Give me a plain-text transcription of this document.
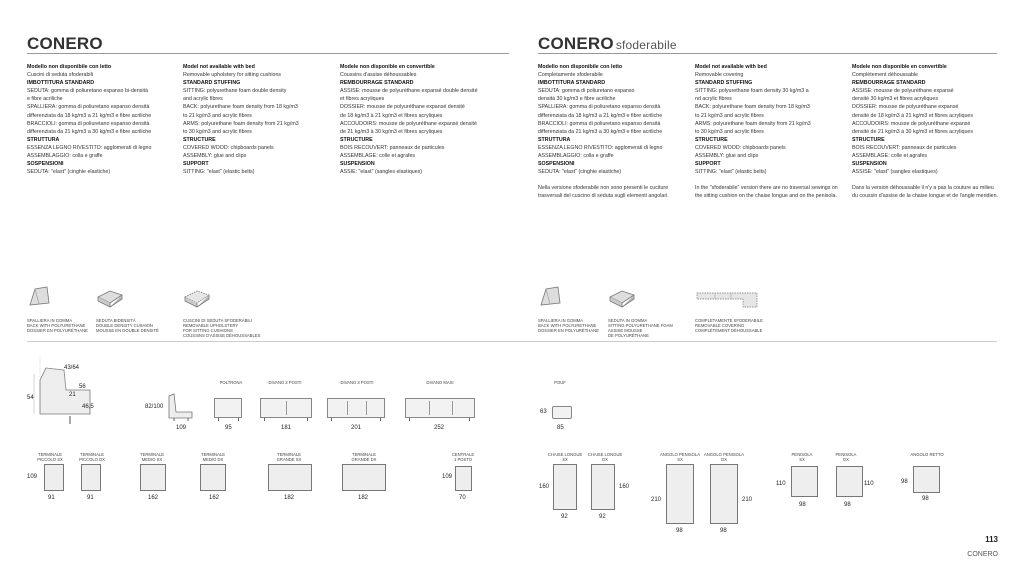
CONERO
Modello non disponibile con letto
Cuscini di seduta sfoderabili
IMBOTTITURA STANDARD
SEDUTA: gomma di poliuretano espanso bi-densità
e fibre acriliche
SPALLIERA: gomma di poliuretano espanso densità
differenziata da 18 kg/m3 a 21 kg/m3 e fibre acriliche
BRACCIOLI: gomma di poliuretano espanso densità
differenziata da 21 kg/m3 a 30 kg/m3 e fibre acriliche
STRUTTURA
ESSENZA LEGNO RIVESTITO: agglomerati di legno
ASSEMBLAGGIO: colla e graffe
SOSPENSIONI
SEDUTA: "elast" (cinghie elastiche)
Model not available with bed
Removable upholstery for sitting cushions
STANDARD STUFFING
SITTING: polyurethane foam double density
and acrylic fibres
BACK: polyurethane foam density from 18 kg/m3
to 21 kg/m3 and acrylic fibres
ARMS: polyurethane foam density from 21 kg/m3
to 30 kg/m3 and acrylic fibres
STRUCTURE
COVERED WOOD: chipboards panels
ASSEMBLY: glue and clips
SUPPORT
SITTING: "elast" (elastic belts)
Modele non disponible en convertible
Coussins d'assise déhoussables
REMBOURRAGE STANDARD
ASSISE: mousse de polyuréthane expansé double densité
et fibres acryliques
DOSSIER: mousse de polyuréthane expansé densité
de 18 kg/m3 à 21 kg/m3 et fibres acryliques
ACCOUDOIRS: mousse de polyuréthane expansé densité
de 21 kg/m3 à 30 kg/m3 et fibres acryliques
STRUCTURE
BOIS RECOUVERT: panneaux de particules
ASSEMBLAGE: colle et agrafes
SUSPENSION
ASSIE: "elast" (sangles elastiques)
SPALLIERA IN GOMMA
BACK WITH POLYURETHANE
DOSSIER EN POLYURÉTHANE
SEDUTA BIDENSITÀ
DOUBLE DENSITY CUSHION
MOUSSE EN DOUBLE DENSITÉ
CUSCINI DI SEDUTA SFODERABILI
REMOVABLE UPHOLSTERY
FOR SITTING CUSHIONS
COUSSINS D'ASSISE DÉHOUSSABLES
43/64
56
21
54
46,5	82/100
109
POLTRONA
95
DIVANO 2 POSTI
181
DIVANO 3 POSTI
201
DIVANO MAXI
252
109
TERMINALE
PICCOLO SX
91
TERMINALE
PICCOLO DX
91
TERMINALE
MEDIO SX
162
TERMINALE
MEDIO DX
162
TERMINALE
GRANDE SX
182
TERMINALE
GRANDE DX
182
CENTRALE
1 POSTO
109
70
CONERO sfoderabile
Modello non disponibile con letto
Completamente sfoderabile
IMBOTTITURA STANDARD
SEDUTA: gomma di poliuretano espanso
densità 30 kg/m3 e fibre acriliche
SPALLIERA: gomma di poliuretano espanso densità
differenziata da 18 kg/m3 a 21 kg/m3 e fibre acriliche
BRACCIOLI: gomma di poliuretano espanso densità
differenziata da 21 kg/m3 a 30 kg/m3 e fibre acriliche
STRUTTURA
ESSENZA LEGNO RIVESTITO: agglomerati di legno
ASSEMBLAGGIO: colla e graffe
SOSPENSIONI
SEDUTA: "elast" (cinghie elastiche)
Nella versione sfoderabile non sono presenti le cuciture trasversali del cuscino di seduta sugli elementi angolari.
Model not available with bed
Removable covering
STANDARD STUFFING
SITTING: polyurethane foam density 30 kg/m3 a
nd acrylic fibres
BACK: polyurethane foam density from 18 kg/m3
to 21 kg/m3 and acrylic fibres
ARMS: polyurethane foam density from 21 kg/m3
to 30 kg/m3 and acrylic fibres
STRUCTURE
COVERED WOOD: chipboards panels
ASSEMBLY: glue and clips
SUPPORT
SITTING: "elast" (elastic belts)
In the "sfoderabile" version there are no traversal sewings on the sitting cushion on the chaise longue and on the penisola.
Modele non disponible en convertible
Complètement déhoussable
REMBOURRAGE STANDARD
ASSISE: mousse de polyuréthane expansé
densité 30 kg/m3 et fibres acryliques
DOSSIER: mousse de polyuréthane expansé
densité de 18 kg/m3 à 21 kg/m3 et fibres acryliques
ACCOUDOIRS: mousse de polyuréthane expansé
densité de 21 kg/m3 à 30 kg/m3 et fibres acryliques
STRUCTURE
BOIS RECOUVERT: panneaux de particules
ASSEMBLAGE: colle et agrafes
SUSPENSION
ASSISE: "elast" (sangles elastiques)
Dans la version déhoussable il n'y a pas la couture au milieu du coussin d'assise de la chaise longue et de l'angle meridien.
SPALLIERA IN GOMMA
BACK WITH POLYURETHANE
DOSSIER EN POLYURÉTHANE
SEDUTA IN GOMMA
SITTING POLYURETHANE FOAM
ASSISE MOUSSE
DE POLYURÉTHANE
COMPLETAMENTE SFODERABILE
REMOVABLE COVERING
COMPLÈTEMENT DÉHOUSSABLE
POUF
63
85
CHAISE LONGUE
SX
160
92
CHAISE LONGUE
DX
160
92
ANGOLO PENISOLA
SX
210
98
ANGOLO PENISOLA
DX
210
98
PENISOLA
SX
110
98
PENISOLA
DX
110
98
ANGOLO RETTO
98
98
113
CONERO
